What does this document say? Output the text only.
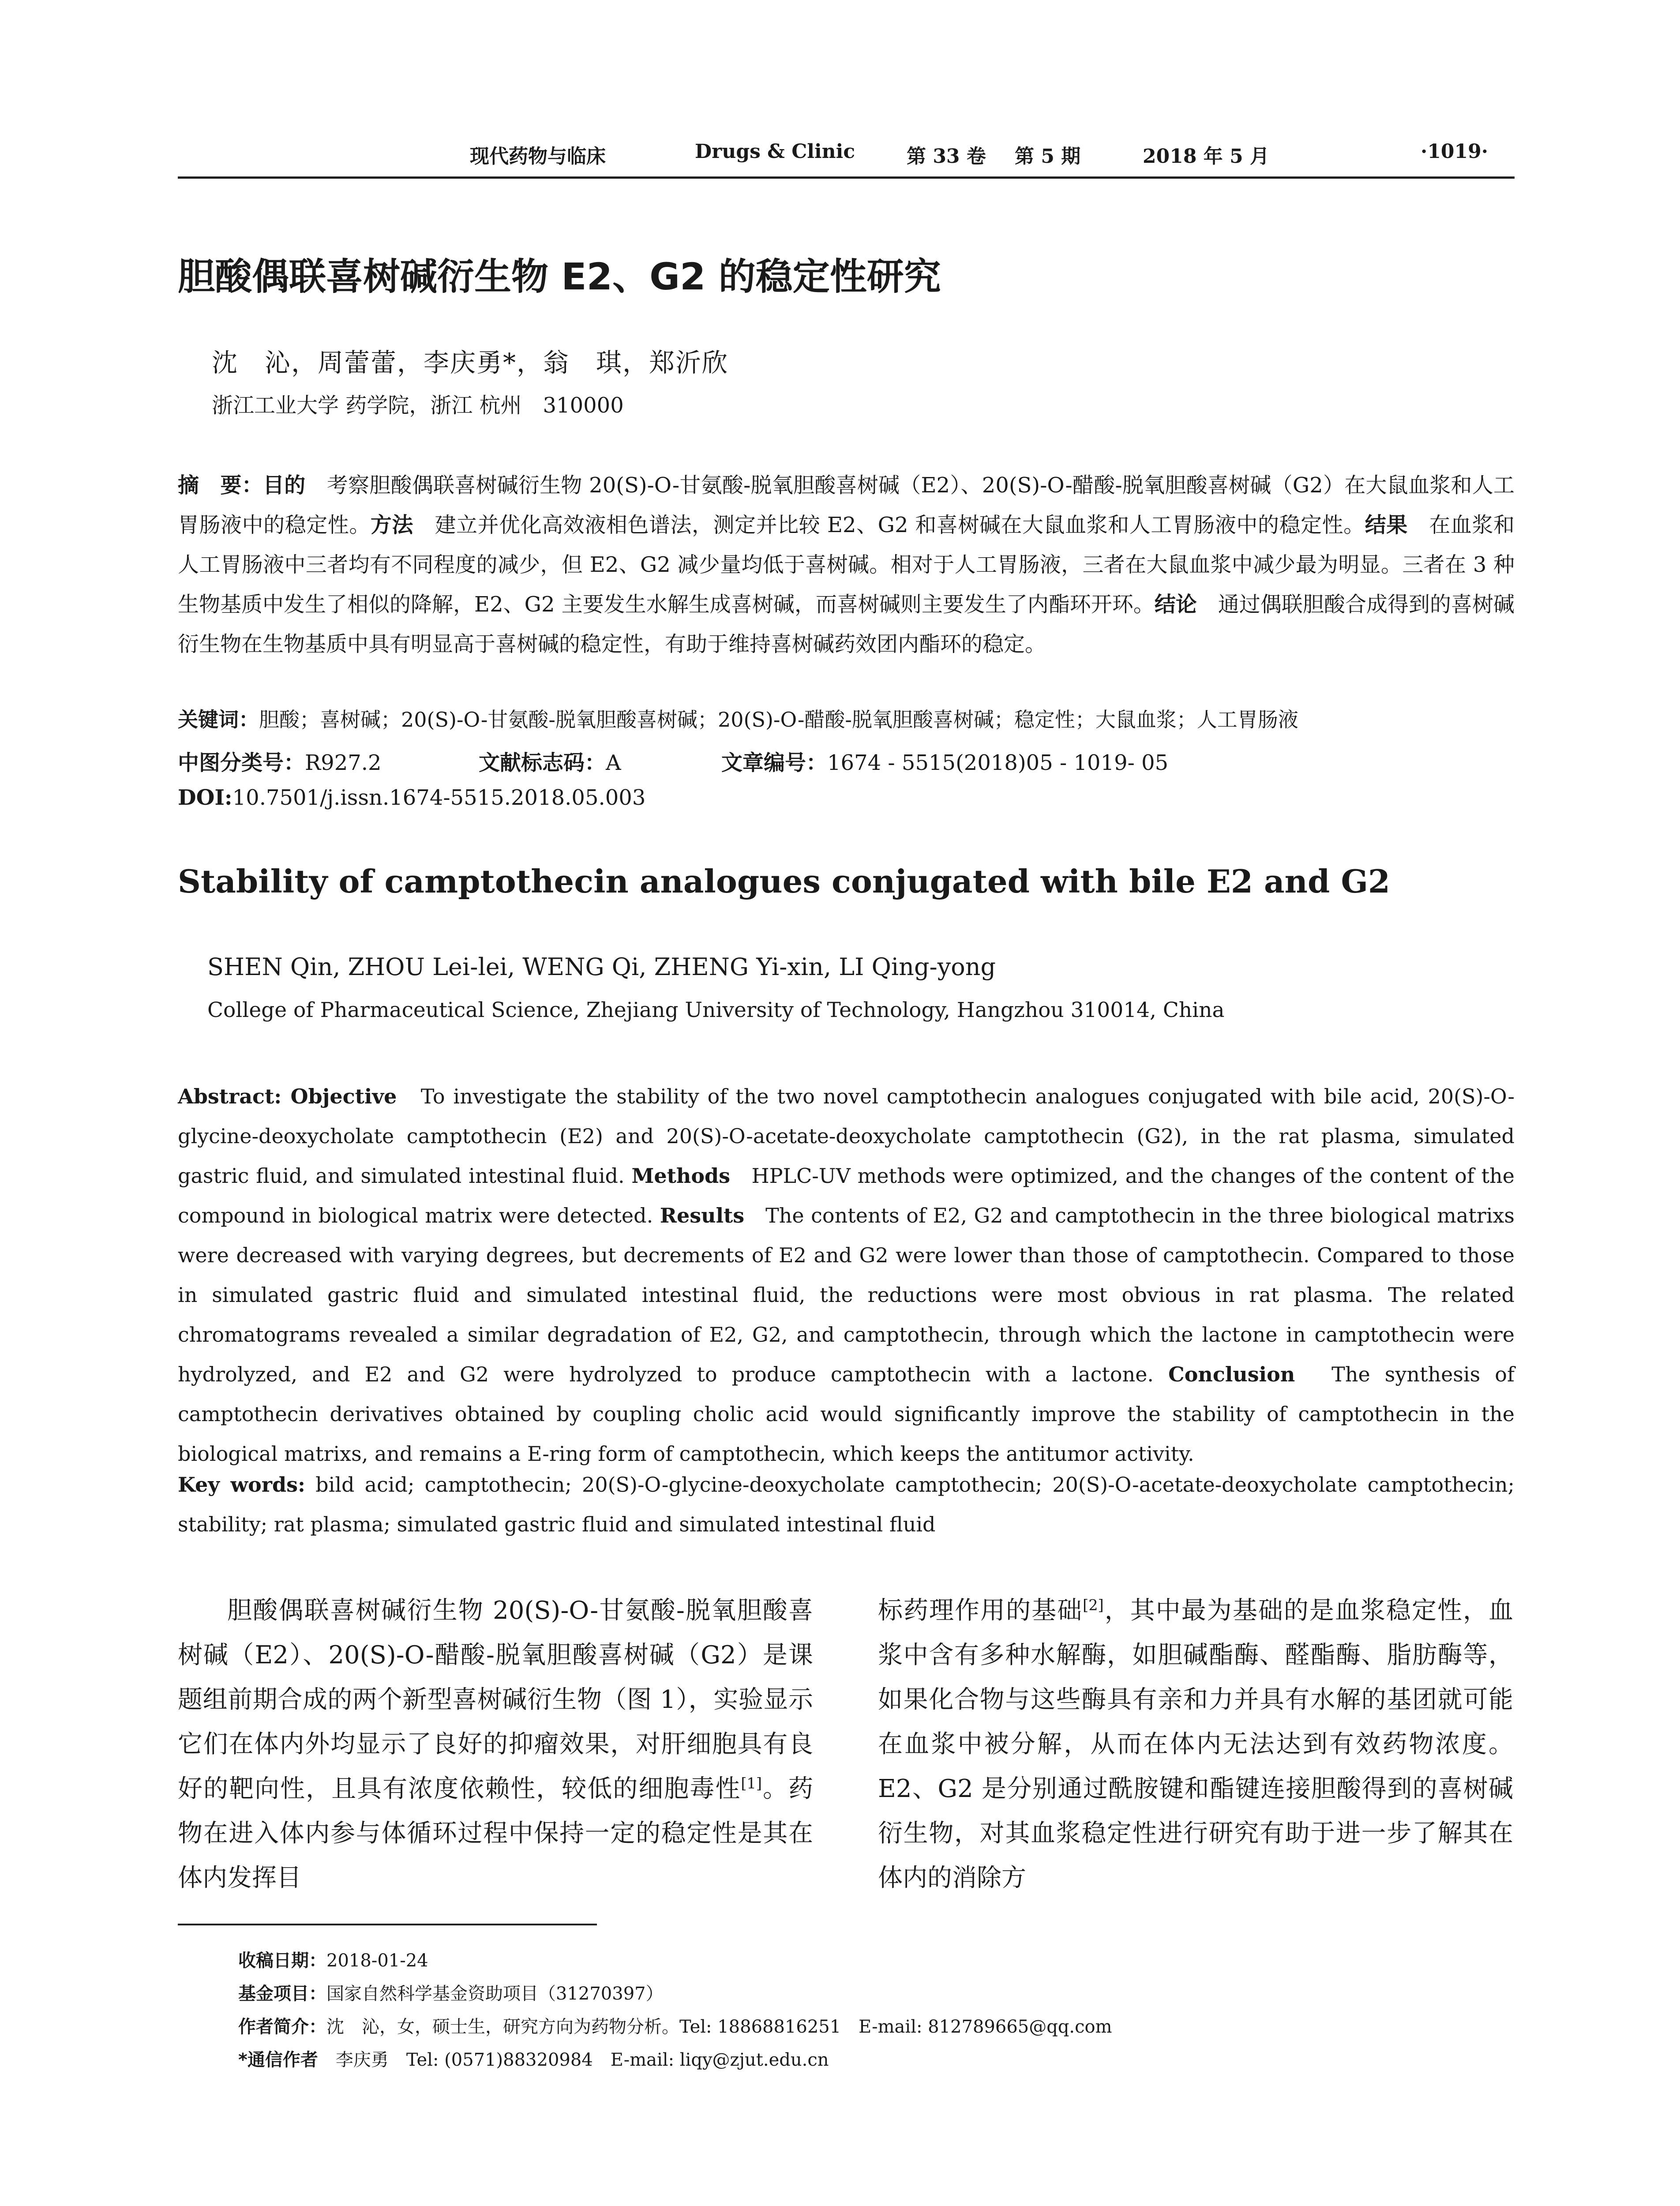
现代药物与临床	Drugs & Clinic	第 33 卷 第 5 期	2018 年 5 月	·1019·
胆酸偶联喜树碱衍生物 E2、G2 的稳定性研究
沈　沁，周蕾蕾，李庆勇*，翁　琪，郑沂欣
浙江工业大学 药学院，浙江 杭州　310000
摘　要：目的　 考察胆酸偶联喜树碱衍生物 20(S)-O-甘氨酸-脱氧胆酸喜树碱（E2）、20(S)-O-醋酸-脱氧胆酸喜树碱（G2）在大鼠血浆和人工胃肠液中的稳定性。方法　 建立并优化高效液相色谱法，测定并比较 E2、G2 和喜树碱在大鼠血浆和人工胃肠液中的稳定性。结果　 在血浆和人工胃肠液中三者均有不同程度的减少，但 E2、G2 减少量均低于喜树碱。相对于人工胃肠液，三者在大鼠血浆中减少最为明显。三者在 3 种生物基质中发生了相似的降解，E2、G2 主要发生水解生成喜树碱，而喜树碱则主要发生了内酯环开环。结论　 通过偶联胆酸合成得到的喜树碱衍生物在生物基质中具有明显高于喜树碱的稳定性，有助于维持喜树碱药效团内酯环的稳定。
关键词：胆酸；喜树碱；20(S)-O-甘氨酸-脱氧胆酸喜树碱；20(S)-O-醋酸-脱氧胆酸喜树碱；稳定性；大鼠血浆；人工胃肠液
中图分类号：R927.2	文献标志码：A	文章编号：1674 - 5515(2018)05 - 1019- 05
DOI:10.7501/j.issn.1674-5515.2018.05.003
Stability of camptothecin analogues conjugated with bile E2 and G2
SHEN Qin, ZHOU Lei-lei, WENG Qi, ZHENG Yi-xin, LI Qing-yong
College of Pharmaceutical Science, Zhejiang University of Technology, Hangzhou 310014, China
Abstract: Objective　 To investigate the stability of the two novel camptothecin analogues conjugated with bile acid, 20(S)-O-glycine-deoxycholate camptothecin (E2) and 20(S)-O-acetate-deoxycholate camptothecin (G2), in the rat plasma, simulated gastric fluid, and simulated intestinal fluid. Methods　 HPLC-UV methods were optimized, and the changes of the content of the compound in biological matrix were detected. Results　 The contents of E2, G2 and camptothecin in the three biological matrixs were decreased with varying degrees, but decrements of E2 and G2 were lower than those of camptothecin. Compared to those in simulated gastric fluid and simulated intestinal fluid, the reductions were most obvious in rat plasma. The related chromatograms revealed a similar degradation of E2, G2, and camptothecin, through which the lactone in camptothecin were hydrolyzed, and E2 and G2 were hydrolyzed to produce camptothecin with a lactone. Conclusion　 The synthesis of camptothecin derivatives obtained by coupling cholic acid would significantly improve the stability of camptothecin in the biological matrixs, and remains a E-ring form of camptothecin, which keeps the antitumor activity.
Key words: bild acid; camptothecin; 20(S)-O-glycine-deoxycholate camptothecin; 20(S)-O-acetate-deoxycholate camptothecin; stability; rat plasma; simulated gastric fluid and simulated intestinal fluid
胆酸偶联喜树碱衍生物 20(S)-O-甘氨酸-脱氧胆酸喜树碱（E2）、20(S)-O-醋酸-脱氧胆酸喜树碱（G2）是课题组前期合成的两个新型喜树碱衍生物（图 1），实验显示它们在体内外均显示了良好的抑瘤效果，对肝细胞具有良好的靶向性，且具有浓度依赖性，较低的细胞毒性[1]。药物在进入体内参与体循环过程中保持一定的稳定性是其在体内发挥目
标药理作用的基础[2]，其中最为基础的是血浆稳定性，血浆中含有多种水解酶，如胆碱酯酶、醛酯酶、脂肪酶等，如果化合物与这些酶具有亲和力并具有水解的基团就可能在血浆中被分解，从而在体内无法达到有效药物浓度。E2、G2 是分别通过酰胺键和酯键连接胆酸得到的喜树碱衍生物，对其血浆稳定性进行研究有助于进一步了解其在体内的消除方
收稿日期：2018-01-24
基金项目：国家自然科学基金资助项目（31270397）
作者简介：沈　沁，女，硕士生，研究方向为药物分析。Tel: 18868816251　E-mail: 812789665@qq.com
*通信作者　 李庆勇　Tel: (0571)88320984　E-mail: liqy@zjut.edu.cn
